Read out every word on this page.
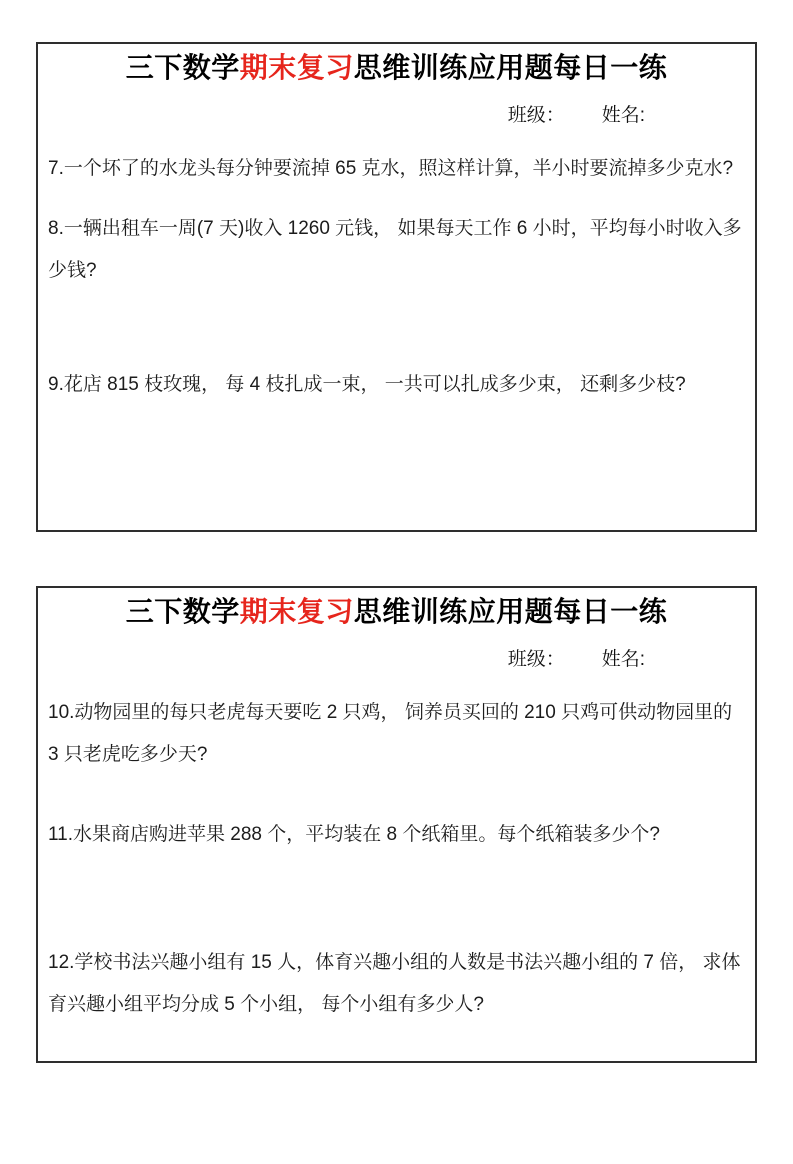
三下数学期末复习思维训练应用题每日一练
班级： 姓名:
7.一个坏了的水龙头每分钟要流掉 65 克水，照这样计算，半小时要流掉多少克水?
8.一辆出租车一周(7 天)收入 1260 元钱， 如果每天工作 6 小时，平均每小时收入多少钱?
9.花店 815 枝玫瑰， 每 4 枝扎成一束， 一共可以扎成多少束， 还剩多少枝?
三下数学期末复习思维训练应用题每日一练
班级： 姓名:
10.动物园里的每只老虎每天要吃 2 只鸡， 饲养员买回的 210 只鸡可供动物园里的 3 只老虎吃多少天?
11.水果商店购进苹果 288 个，平均装在 8 个纸箱里。每个纸箱装多少个?
12.学校书法兴趣小组有 15 人，体育兴趣小组的人数是书法兴趣小组的 7 倍， 求体育兴趣小组平均分成 5 个小组， 每个小组有多少人?
